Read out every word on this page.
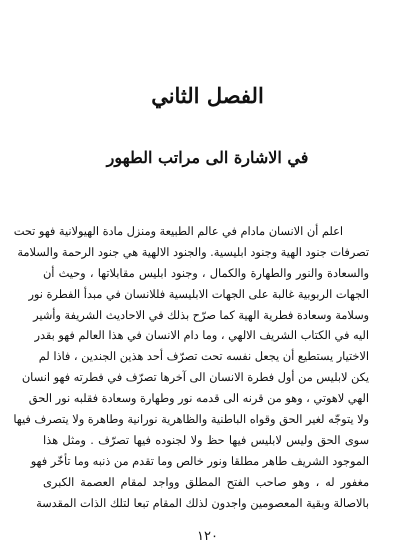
الفصل الثاني
في الاشارة الى مراتب الطهور
اعلم أن الانسان مادام في عالم الطبيعة ومنزل مادة الهيولانية فهو تحت
تصرفات جنود الهية وجنود ابليسية. والجنود الالهية هي جنود الرحمة والسلامة
والسعادة والنور والطهارة والكمال ، وجنود ابليس مقابلاتها ، وحيث أن
الجهات الربوبية غالبة على الجهات الابليسية فللانسان في مبدأ الفطرة نور
وسلامة وسعادة فطرية الهية كما صرّح بذلك في الاحاديث الشريفة وأشير
اليه في الكتاب الشريف الالهي ، وما دام الانسان في هذا العالم فهو بقدر
الاختيار يستطيع أن يجعل نفسه تحت تصرّف أحد هذين الجندين ، فاذا لم
يكن لابليس من أول فطرة الانسان الى آخرها تصرّف في فطرته فهو انسان
الهي لاهوتي ، وهو من قرنه الى قدمه نور وطهارة وسعادة فقلبه نور الحق
ولا يتوجّه لغير الحق وقواه الباطنية والظاهرية نورانية وطاهرة ولا يتصرف فيها
سوى الحق وليس لابليس فيها حظ ولا لجنوده فيها تصرّف . ومثل هذا
الموجود الشريف طاهر مطلقا ونور خالص وما تقدم من ذنبه وما تأخّر فهو
مغفور له ، وهو صاحب الفتح المطلق وواجد لمقام العصمة الكبرى
بالاصالة وبقية المعصومين واجدون لذلك المقام تبعا لتلك الذات المقدسة
١٢٠
